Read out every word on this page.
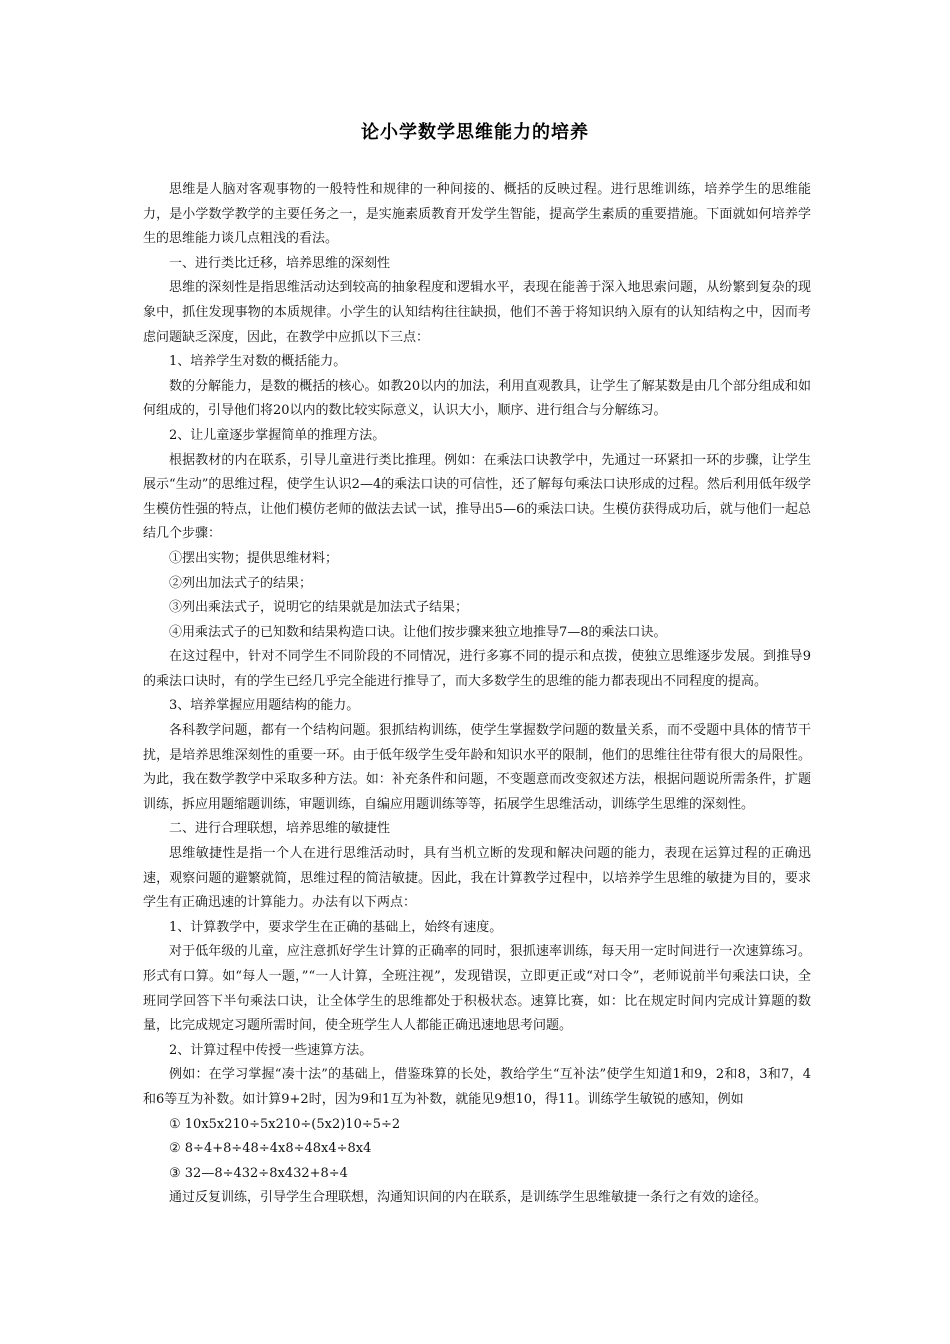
论小学数学思维能力的培养

思维是人脑对客观事物的一般特性和规律的一种间接的、概括的反映过程。进行思维训练，培养学生的思维能力，是小学数学教学的主要任务之一，是实施素质教育开发学生智能，提高学生素质的重要措施。下面就如何培养学生的思维能力谈几点粗浅的看法。

一、进行类比迁移，培养思维的深刻性

思维的深刻性是指思维活动达到较高的抽象程度和逻辑水平，表现在能善于深入地思索问题，从纷繁到复杂的现象中，抓住发现事物的本质规律。小学生的认知结构往往缺损，他们不善于将知识纳入原有的认知结构之中，因而考虑问题缺乏深度，因此，在教学中应抓以下三点：

1、培养学生对数的概括能力。

数的分解能力，是数的概括的核心。如教20以内的加法，利用直观教具，让学生了解某数是由几个部分组成和如何组成的，引导他们将20以内的数比较实际意义，认识大小，顺序、进行组合与分解练习。

2、让儿童逐步掌握简单的推理方法。

根据教材的内在联系，引导儿童进行类比推理。例如：在乘法口诀教学中，先通过一环紧扣一环的步骤，让学生展示“生动”的思维过程，使学生认识2—4的乘法口诀的可信性，还了解每句乘法口诀形成的过程。然后利用低年级学生模仿性强的特点，让他们模仿老师的做法去试一试，推导出5—6的乘法口诀。生模仿获得成功后，就与他们一起总结几个步骤：

①摆出实物；提供思维材料；

②列出加法式子的结果；

③列出乘法式子，说明它的结果就是加法式子结果；

④用乘法式子的已知数和结果构造口诀。让他们按步骤来独立地推导7—8的乘法口诀。

在这过程中，针对不同学生不同阶段的不同情况，进行多寡不同的提示和点拨，使独立思维逐步发展。到推导9的乘法口诀时，有的学生已经几乎完全能进行推导了，而大多数学生的思维的能力都表现出不同程度的提高。

3、培养掌握应用题结构的能力。

各科教学问题，都有一个结构问题。狠抓结构训练，使学生掌握数学问题的数量关系，而不受题中具体的情节干扰，是培养思维深刻性的重要一环。由于低年级学生受年龄和知识水平的限制，他们的思维往往带有很大的局限性。为此，我在数学教学中采取多种方法。如：补充条件和问题，不变题意而改变叙述方法，根据问题说所需条件，扩题训练，拆应用题缩题训练，审题训练，自编应用题训练等等，拓展学生思维活动，训练学生思维的深刻性。

二、进行合理联想，培养思维的敏捷性

思维敏捷性是指一个人在进行思维活动时，具有当机立断的发现和解决问题的能力，表现在运算过程的正确迅速，观察问题的避繁就简，思维过程的简洁敏捷。因此，我在计算教学过程中，以培养学生思维的敏捷为目的，要求学生有正确迅速的计算能力。办法有以下两点：

1、计算教学中，要求学生在正确的基础上，始终有速度。

对于低年级的儿童，应注意抓好学生计算的正确率的同时，狠抓速率训练，每天用一定时间进行一次速算练习。形式有口算。如“每人一题，”“一人计算，全班注视”，发现错误，立即更正或“对口令”，老师说前半句乘法口诀，全班同学回答下半句乘法口诀，让全体学生的思维都处于积极状态。速算比赛，如：比在规定时间内完成计算题的数量，比完成规定习题所需时间，使全班学生人人都能正确迅速地思考问题。

2、计算过程中传授一些速算方法。

例如：在学习掌握“凑十法”的基础上，借鉴珠算的长处，教给学生“互补法”使学生知道1和9，2和8，3和7，4和6等互为补数。如计算9+2时，因为9和1互为补数，就能见9想10，得11。训练学生敏锐的感知，例如

① 10x5x210÷5x210÷(5x2)10÷5÷2

② 8÷4+8÷48÷4x8÷48x4÷8x4

③ 32—8÷432÷8x432+8÷4

通过反复训练，引导学生合理联想，沟通知识间的内在联系，是训练学生思维敏捷一条行之有效的途径。
